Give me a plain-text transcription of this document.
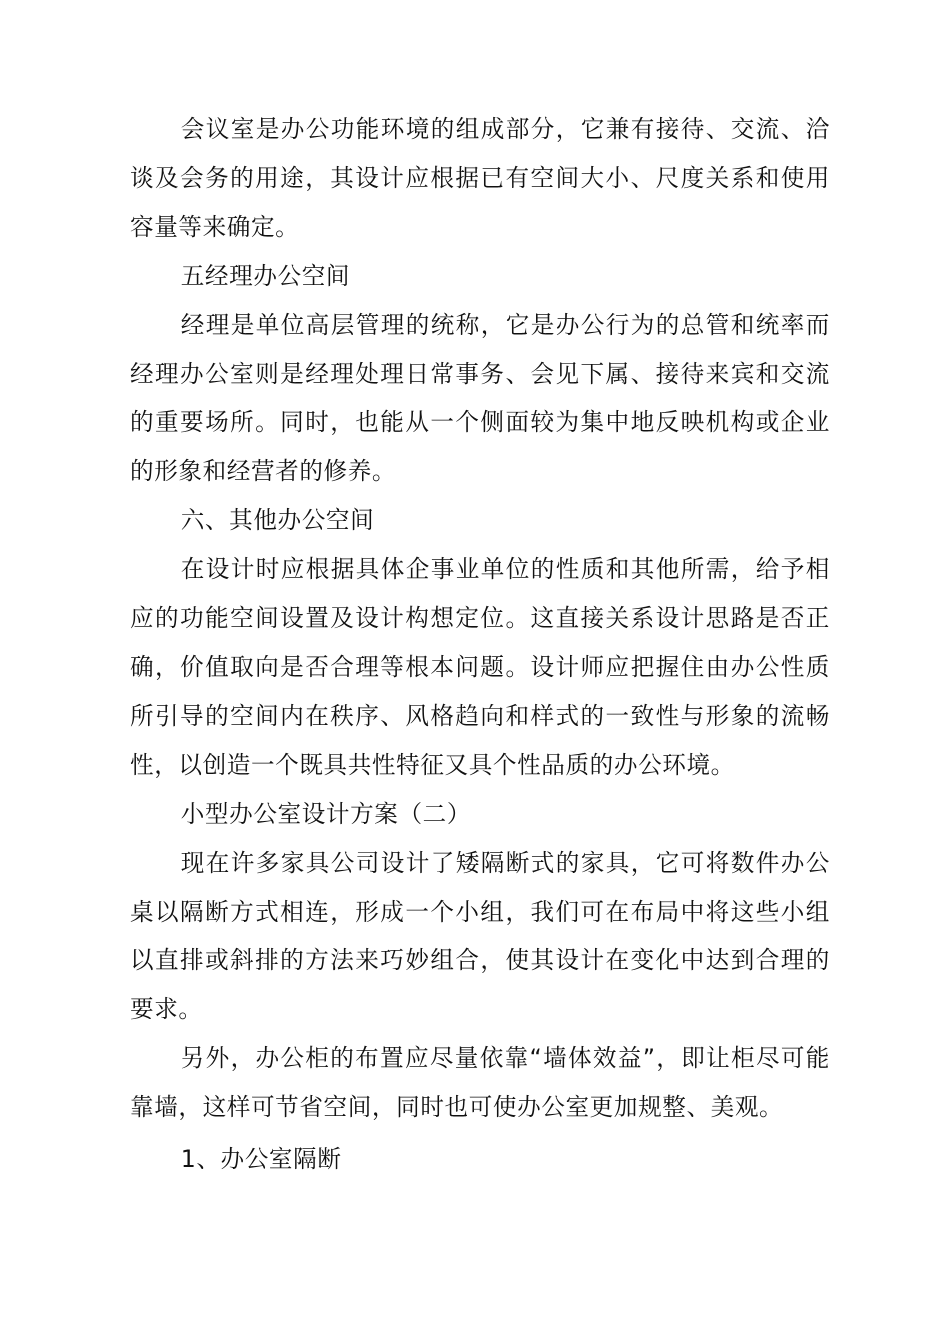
会议室是办公功能环境的组成部分，它兼有接待、交流、洽谈及会务的用途，其设计应根据已有空间大小、尺度关系和使用容量等来确定。

五经理办公空间

经理是单位高层管理的统称，它是办公行为的总管和统率而经理办公室则是经理处理日常事务、会见下属、接待来宾和交流的重要场所。同时，也能从一个侧面较为集中地反映机构或企业的形象和经营者的修养。

六、其他办公空间

在设计时应根据具体企事业单位的性质和其他所需，给予相应的功能空间设置及设计构想定位。这直接关系设计思路是否正确，价值取向是否合理等根本问题。设计师应把握住由办公性质所引导的空间内在秩序、风格趋向和样式的一致性与形象的流畅性，以创造一个既具共性特征又具个性品质的办公环境。

小型办公室设计方案（二）

现在许多家具公司设计了矮隔断式的家具，它可将数件办公桌以隔断方式相连，形成一个小组，我们可在布局中将这些小组以直排或斜排的方法来巧妙组合，使其设计在变化中达到合理的要求。

另外，办公柜的布置应尽量依靠“墙体效益”，即让柜尽可能靠墙，这样可节省空间，同时也可使办公室更加规整、美观。

1、办公室隔断
